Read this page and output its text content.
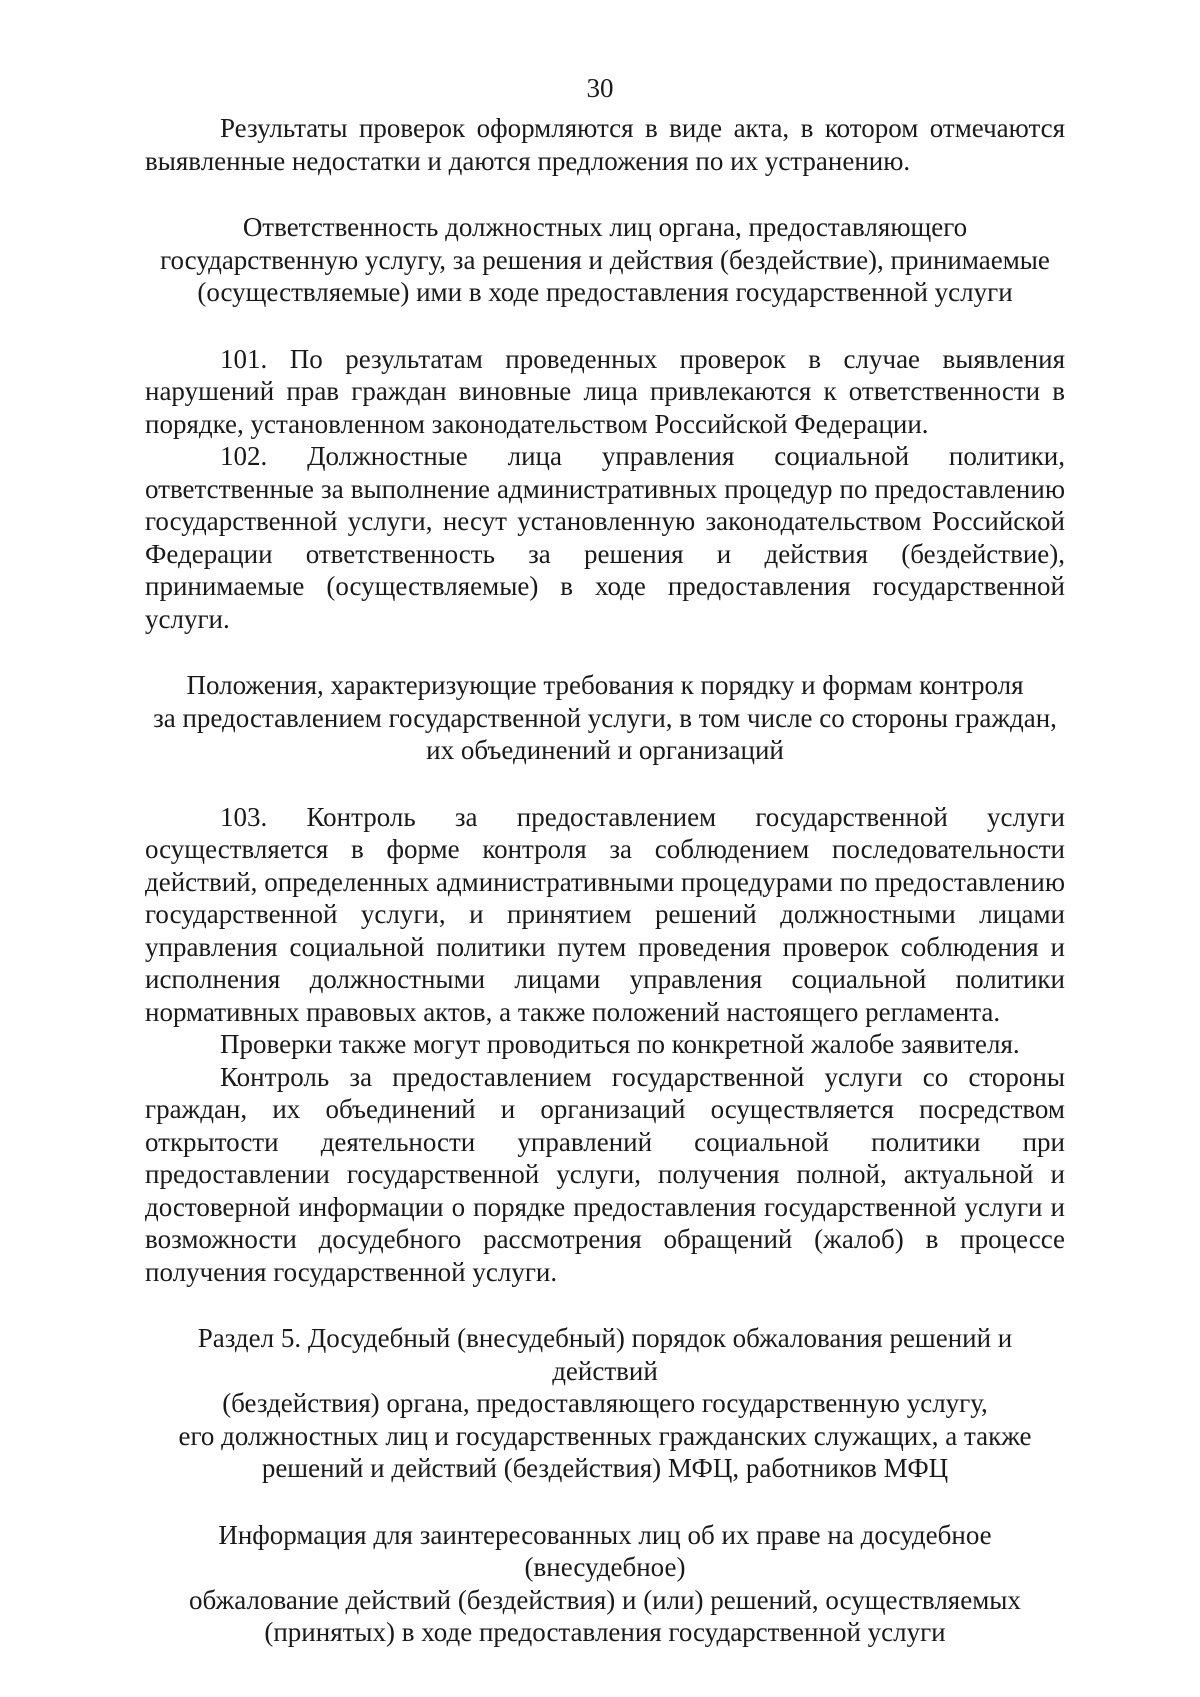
30

Результаты проверок оформляются в виде акта, в котором отмечаются выявленные недостатки и даются предложения по их устранению.

Ответственность должностных лиц органа, предоставляющего
государственную услугу, за решения и действия (бездействие), принимаемые
(осуществляемые) ими в ходе предоставления государственной услуги

101. По результатам проведенных проверок в случае выявления нарушений прав граждан виновные лица привлекаются к ответственности в порядке, установленном законодательством Российской Федерации.

102. Должностные лица управления социальной политики, ответственные за выполнение административных процедур по предоставлению государственной услуги, несут установленную законодательством Российской Федерации ответственность за решения и действия (бездействие), принимаемые (осуществляемые) в ходе предоставления государственной услуги.

Положения, характеризующие требования к порядку и формам контроля
за предоставлением государственной услуги, в том числе со стороны граждан,
их объединений и организаций

103. Контроль за предоставлением государственной услуги осуществляется в форме контроля за соблюдением последовательности действий, определенных административными процедурами по предоставлению государственной услуги, и принятием решений должностными лицами управления социальной политики путем проведения проверок соблюдения и исполнения должностными лицами управления социальной политики нормативных правовых актов, а также положений настоящего регламента.

Проверки также могут проводиться по конкретной жалобе заявителя.

Контроль за предоставлением государственной услуги со стороны граждан, их объединений и организаций осуществляется посредством открытости деятельности управлений социальной политики при предоставлении государственной услуги, получения полной, актуальной и достоверной информации о порядке предоставления государственной услуги и возможности досудебного рассмотрения обращений (жалоб) в процессе получения государственной услуги.

Раздел 5. Досудебный (внесудебный) порядок обжалования решений и действий
(бездействия) органа, предоставляющего государственную услугу,
его должностных лиц и государственных гражданских служащих, а также
решений и действий (бездействия) МФЦ, работников МФЦ
Информация для заинтересованных лиц об их праве на досудебное (внесудебное)
обжалование действий (бездействия) и (или) решений, осуществляемых
(принятых) в ходе предоставления государственной услуги
